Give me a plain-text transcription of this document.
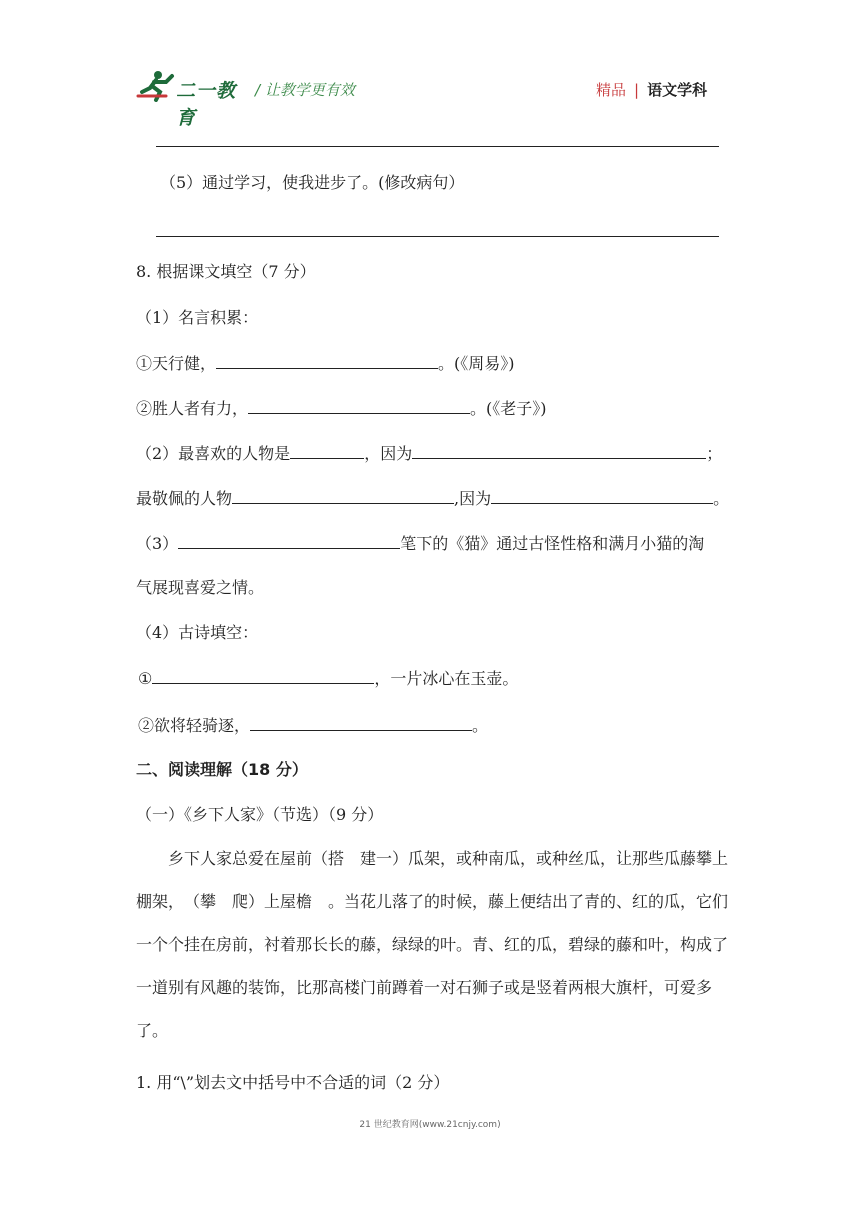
二一教育
/ 让教学更有效	精品 | 语文学科
（5）通过学习，使我进步了。(修改病句）
8. 根据课文填空（7 分）
（1）名言积累：
①天行健，	。(《周易》)
②胜人者有力，	。(《老子》)
（2）最喜欢的人物是	，因为	；
最敬佩的人物	,因为	。
（3）	笔下的《猫》通过古怪性格和满月小猫的淘
气展现喜爱之情。
（4）古诗填空：
①	，一片冰心在玉壶。
②欲将轻骑逐，	。
二、阅读理解（18 分）
（一）《乡下人家》（节选）（9 分）
乡下人家总爱在屋前（搭　建一）瓜架，或种南瓜，或种丝瓜，让那些瓜藤攀上棚架，　（攀　爬）上屋檐　。当花儿落了的时候，藤上便结出了青的、红的瓜，它们一个个挂在房前，衬着那长长的藤，绿绿的叶。青、红的瓜，碧绿的藤和叶，构成了一道别有风趣的装饰，比那高楼门前蹲着一对石狮子或是竖着两根大旗杆，可爱多了。
1. 用“\”划去文中括号中不合适的词（2 分）
21 世纪教育网(www.21cnjy.com)
